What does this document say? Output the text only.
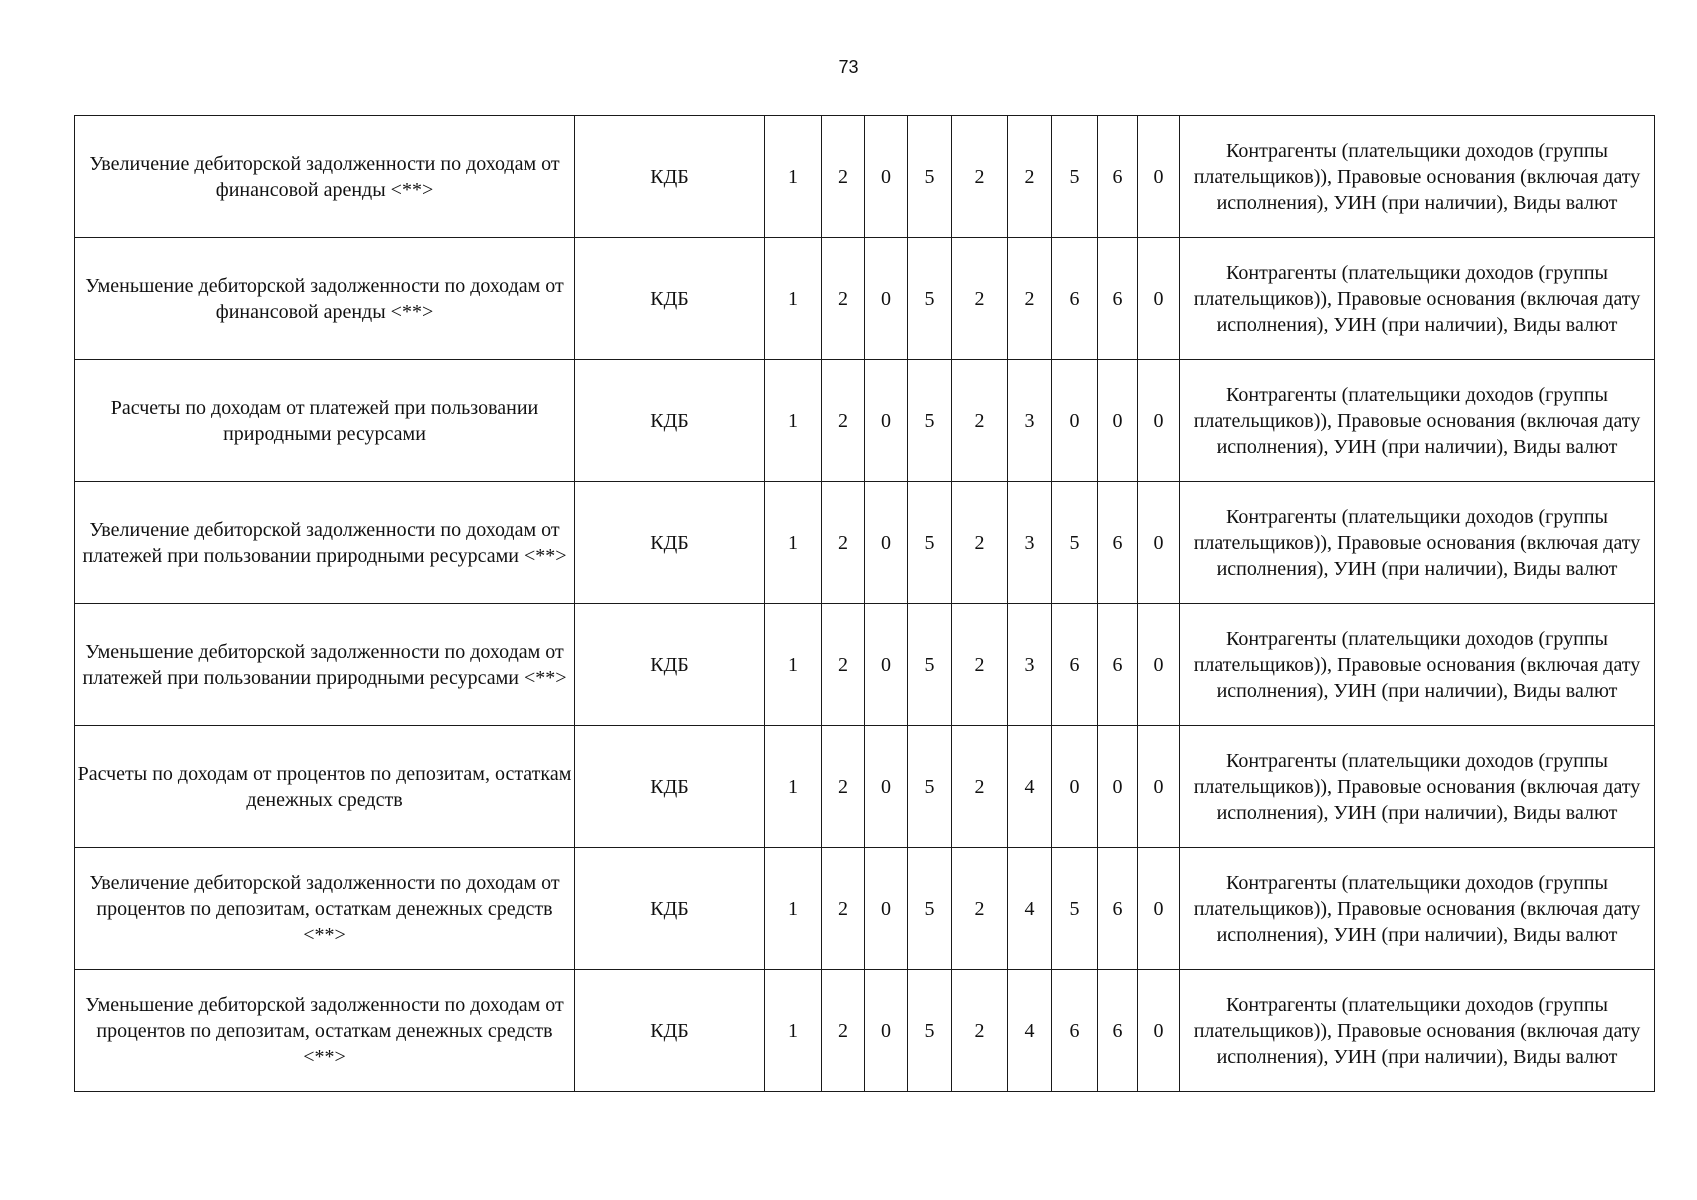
73
Увеличение дебиторской задолженности по доходам от финансовой аренды <**>	КДБ	1	2	0	5	2	2	5	6	0	Контрагенты (плательщики доходов (группы плательщиков)), Правовые основания (включая дату исполнения), УИН (при наличии), Виды валют
Уменьшение дебиторской задолженности по доходам от финансовой аренды <**>	КДБ	1	2	0	5	2	2	6	6	0	Контрагенты (плательщики доходов (группы плательщиков)), Правовые основания (включая дату исполнения), УИН (при наличии), Виды валют
Расчеты по доходам от платежей при пользовании природными ресурсами	КДБ	1	2	0	5	2	3	0	0	0	Контрагенты (плательщики доходов (группы плательщиков)), Правовые основания (включая дату исполнения), УИН (при наличии), Виды валют
Увеличение дебиторской задолженности по доходам от платежей при пользовании природными ресурсами <**>	КДБ	1	2	0	5	2	3	5	6	0	Контрагенты (плательщики доходов (группы плательщиков)), Правовые основания (включая дату исполнения), УИН (при наличии), Виды валют
Уменьшение дебиторской задолженности по доходам от платежей при пользовании природными ресурсами <**>	КДБ	1	2	0	5	2	3	6	6	0	Контрагенты (плательщики доходов (группы плательщиков)), Правовые основания (включая дату исполнения), УИН (при наличии), Виды валют
Расчеты по доходам от процентов по депозитам, остаткам денежных средств	КДБ	1	2	0	5	2	4	0	0	0	Контрагенты (плательщики доходов (группы плательщиков)), Правовые основания (включая дату исполнения), УИН (при наличии), Виды валют
Увеличение дебиторской задолженности по доходам от процентов по депозитам, остаткам денежных средств <**>	КДБ	1	2	0	5	2	4	5	6	0	Контрагенты (плательщики доходов (группы плательщиков)), Правовые основания (включая дату исполнения), УИН (при наличии), Виды валют
Уменьшение дебиторской задолженности по доходам от процентов по депозитам, остаткам денежных средств <**>	КДБ	1	2	0	5	2	4	6	6	0	Контрагенты (плательщики доходов (группы плательщиков)), Правовые основания (включая дату исполнения), УИН (при наличии), Виды валют
